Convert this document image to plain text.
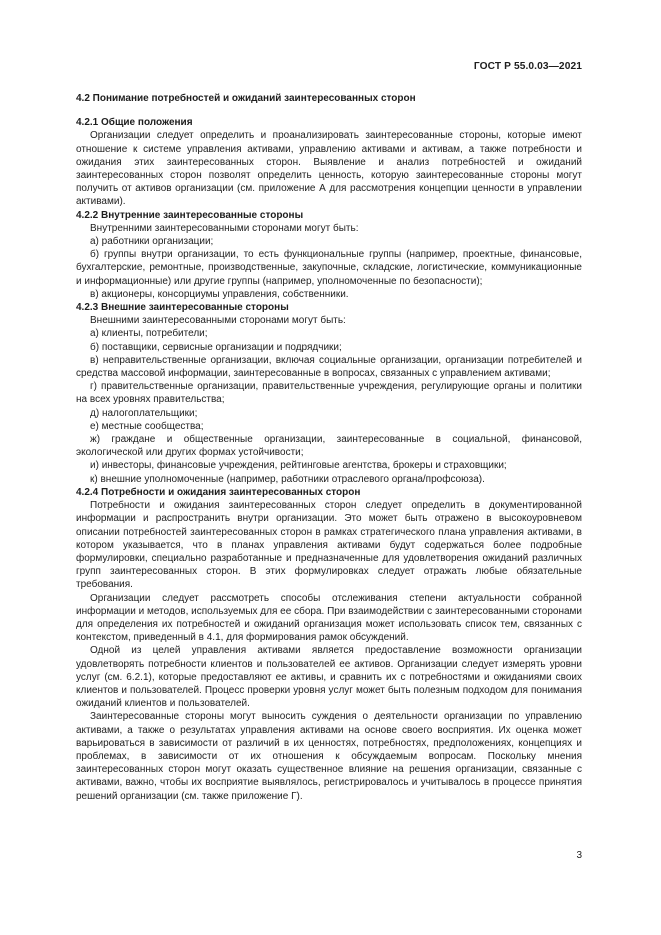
ГОСТ Р 55.0.03—2021
4.2 Понимание потребностей и ожиданий заинтересованных сторон
4.2.1 Общие положения

Организации следует определить и проанализировать заинтересованные стороны, которые имеют отношение к системе управления активами, управлению активами и активам, а также потребности и ожидания этих заинтересованных сторон. Выявление и анализ потребностей и ожиданий заинтересованных сторон позволят определить ценность, которую заинтересованные стороны могут получить от активов организации (см. приложение А для рассмотрения концепции ценности в управлении активами).

4.2.2 Внутренние заинтересованные стороны

Внутренними заинтересованными сторонами могут быть:

а) работники организации;
б) группы внутри организации, то есть функциональные группы (например, проектные, финансовые, бухгалтерские, ремонтные, производственные, закупочные, складские, логистические, коммуникационные и информационные) или другие группы (например, уполномоченные по безопасности);
в) акционеры, консорциумы управления, собственники.
4.2.3 Внешние заинтересованные стороны

Внешними заинтересованными сторонами могут быть:

а) клиенты, потребители;
б) поставщики, сервисные организации и подрядчики;
в) неправительственные организации, включая социальные организации, организации потребителей и средства массовой информации, заинтересованные в вопросах, связанных с управлением активами;
г) правительственные организации, правительственные учреждения, регулирующие органы и политики на всех уровнях правительства;
д) налогоплательщики;
е) местные сообщества;
ж) граждане и общественные организации, заинтересованные в социальной, финансовой, экологической или других формах устойчивости;
и) инвесторы, финансовые учреждения, рейтинговые агентства, брокеры и страховщики;
к) внешние уполномоченные (например, работники отраслевого органа/профсоюза).
4.2.4 Потребности и ожидания заинтересованных сторон

Потребности и ожидания заинтересованных сторон следует определить в документированной информации и распространить внутри организации. Это может быть отражено в высокоуровневом описании потребностей заинтересованных сторон в рамках стратегического плана управления активами, в котором указывается, что в планах управления активами будут содержаться более подробные формулировки, специально разработанные и предназначенные для удовлетворения ожиданий различных групп заинтересованных сторон. В этих формулировках следует отражать любые обязательные требования.

Организации следует рассмотреть способы отслеживания степени актуальности собранной информации и методов, используемых для ее сбора. При взаимодействии с заинтересованными сторонами для определения их потребностей и ожиданий организация может использовать список тем, связанных с контекстом, приведенный в 4.1, для формирования рамок обсуждений.

Одной из целей управления активами является предоставление возможности организации удовлетворять потребности клиентов и пользователей ее активов. Организации следует измерять уровни услуг (см. 6.2.1), которые предоставляют ее активы, и сравнить их с потребностями и ожиданиями своих клиентов и пользователей. Процесс проверки уровня услуг может быть полезным подходом для понимания ожиданий клиентов и пользователей.

Заинтересованные стороны могут выносить суждения о деятельности организации по управлению активами, а также о результатах управления активами на основе своего восприятия. Их оценка может варьироваться в зависимости от различий в их ценностях, потребностях, предположениях, концепциях и проблемах, в зависимости от их отношения к обсуждаемым вопросам. Поскольку мнения заинтересованных сторон могут оказать существенное влияние на решения организации, связанные с активами, важно, чтобы их восприятие выявлялось, регистрировалось и учитывалось в процессе принятия решений организации (см. также приложение Г).

3
